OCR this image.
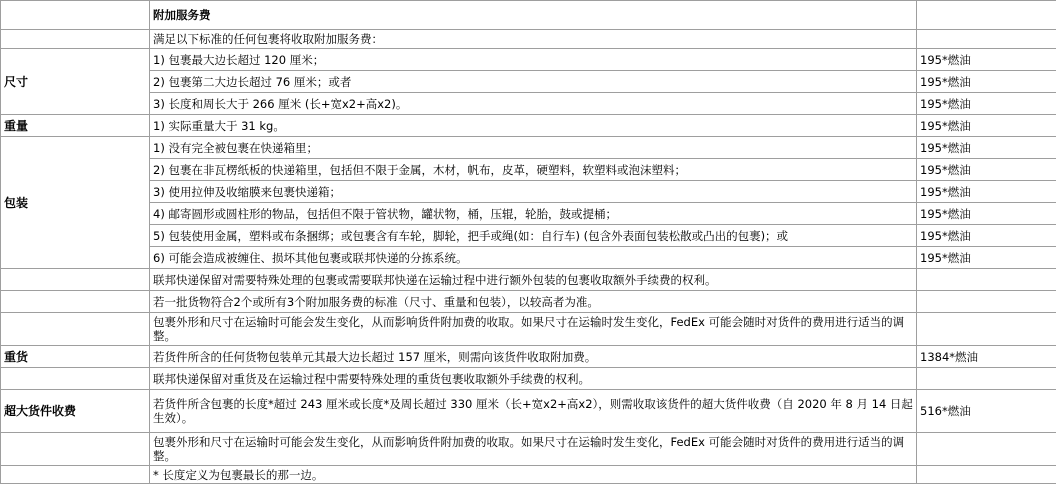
	附加服务费	
	满足以下标准的任何包裹将收取附加服务费：	
尺寸	1) 包裹最大边长超过 120 厘米；	195*燃油
	2) 包裹第二大边长超过 76 厘米；或者	195*燃油
	3) 长度和周长大于 266 厘米 (长+宽x2+高x2)。	195*燃油
重量	1) 实际重量大于 31 kg。	195*燃油
包装	1) 没有完全被包裹在快递箱里；	195*燃油
	2) 包裹在非瓦楞纸板的快递箱里，包括但不限于金属，木材，帆布，皮革，硬塑料，软塑料或泡沫塑料；	195*燃油
	3) 使用拉伸及收缩膜来包裹快递箱；	195*燃油
	4) 邮寄圆形或圆柱形的物品，包括但不限于管状物，罐状物，桶，压辊，轮胎，鼓或提桶；	195*燃油
	5) 包装使用金属，塑料或布条捆绑；或包裹含有车轮，脚轮，把手或绳(如：自行车) (包含外表面包装松散或凸出的包裹)；或	195*燃油
	6) 可能会造成被缠住、损坏其他包裹或联邦快递的分拣系统。	195*燃油
	联邦快递保留对需要特殊处理的包裹或需要联邦快递在运输过程中进行额外包装的包裹收取额外手续费的权利。	
	若一批货物符合2个或所有3个附加服务费的标准（尺寸、重量和包装），以较高者为准。	
	包裹外形和尺寸在运输时可能会发生变化，从而影响货件附加费的收取。如果尺寸在运输时发生变化，FedEx 可能会随时对货件的费用进行适当的调整。	
重货	若货件所含的任何货物包装单元其最大边长超过 157 厘米，则需向该货件收取附加费。	1384*燃油
	联邦快递保留对重货及在运输过程中需要特殊处理的重货包裹收取额外手续费的权利。	
超大货件收费	若货件所含包裹的长度*超过 243 厘米或长度*及周长超过 330 厘米（长+宽x2+高x2），则需收取该货件的超大货件收费（自 2020 年 8 月 14 日起生效）。	516*燃油
	包裹外形和尺寸在运输时可能会发生变化，从而影响货件附加费的收取。如果尺寸在运输时发生变化，FedEx 可能会随时对货件的费用进行适当的调整。	
	* 长度定义为包裹最长的那一边。	
